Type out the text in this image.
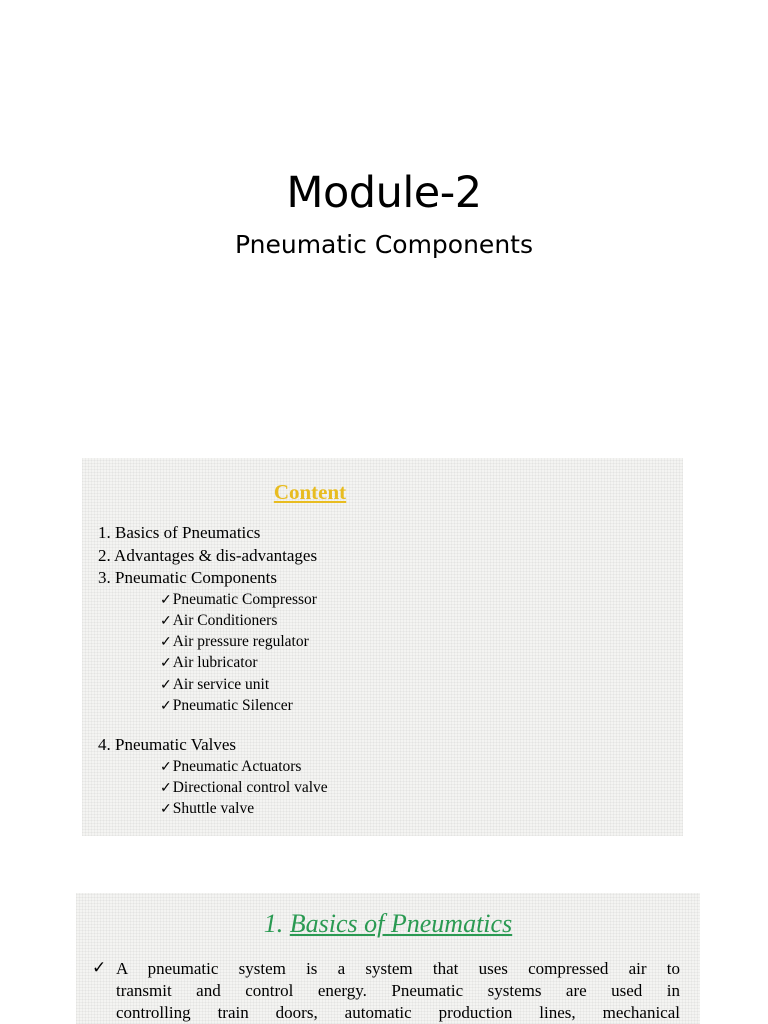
Module-2
Pneumatic Components
Content
1. Basics of Pneumatics
2. Advantages & dis-advantages
3. Pneumatic Components
✓Pneumatic Compressor
✓Air Conditioners
✓Air pressure regulator
✓Air lubricator
✓Air service unit
✓Pneumatic Silencer
4. Pneumatic Valves
✓Pneumatic Actuators
✓Directional control valve
✓Shuttle valve
1. Basics of Pneumatics
✓ A pneumatic system is a system that uses compressed air to
transmit and control energy. Pneumatic systems are used in
controlling train doors, automatic production lines, mechanical
